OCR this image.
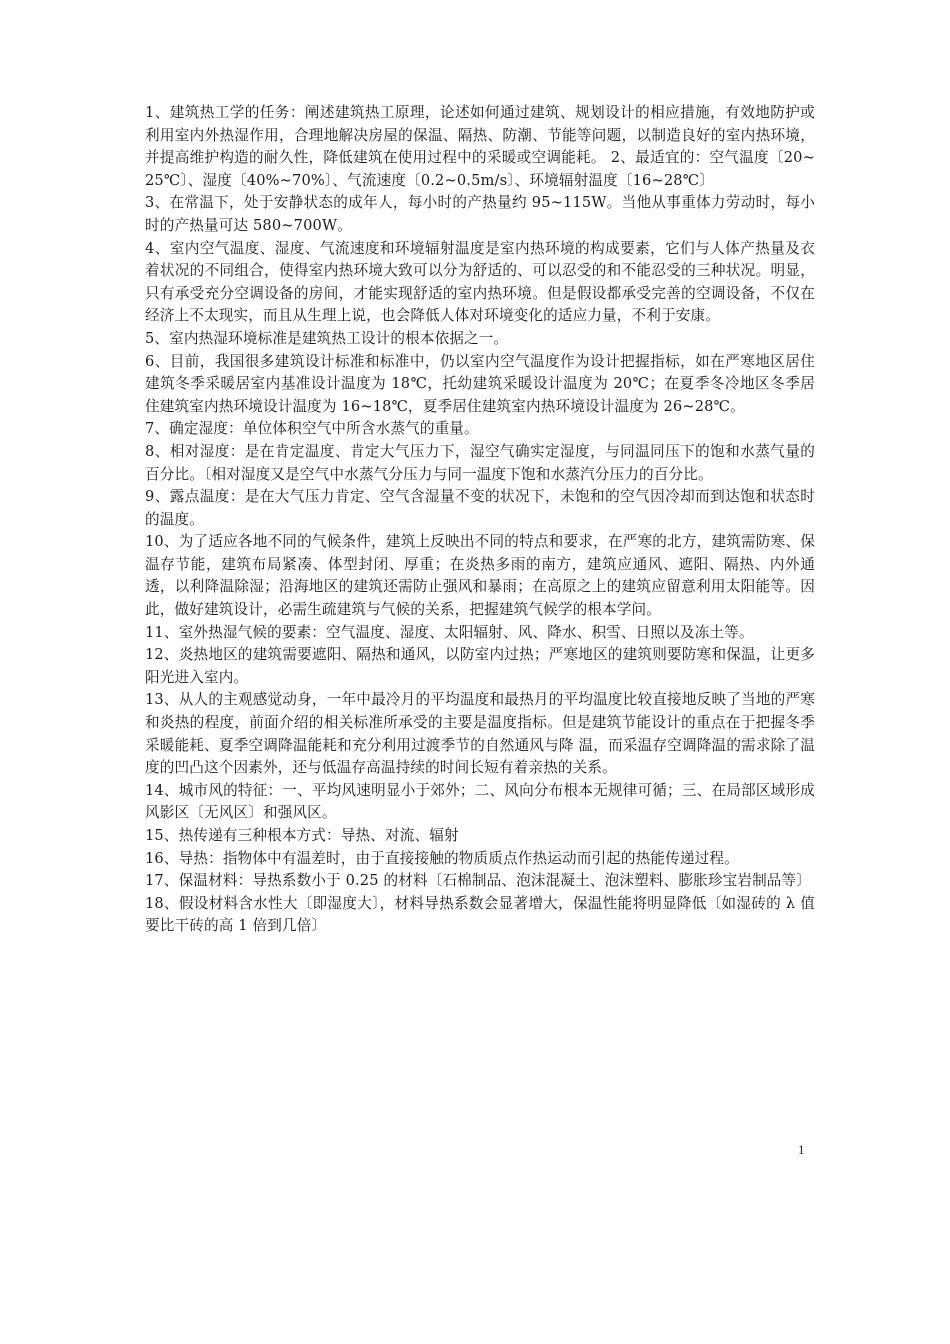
1、建筑热工学的任务：阐述建筑热工原理，论述如何通过建筑、规划设计的相应措施，有效地防护或利用室内外热湿作用，合理地解决房屋的保温、隔热、防潮、节能等问题，以制造良好的室内热环境，并提高维护构造的耐久性，降低建筑在使用过程中的采暖或空调能耗。 2、最适宜的：空气温度〔20~25℃〕、湿度〔40%~70%〕、气流速度〔0.2~0.5m/s〕、环境辐射温度〔16~28℃〕

3、在常温下，处于安静状态的成年人，每小时的产热量约 95~115W。当他从事重体力劳动时，每小时的产热量可达 580~700W。

4、室内空气温度、湿度、气流速度和环境辐射温度是室内热环境的构成要素，它们与人体产热量及衣着状况的不同组合，使得室内热环境大致可以分为舒适的、可以忍受的和不能忍受的三种状况。明显，只有承受充分空调设备的房间，才能实现舒适的室内热环境。但是假设都承受完善的空调设备，不仅在经济上不太现实，而且从生理上说，也会降低人体对环境变化的适应力量，不利于安康。

5、室内热湿环境标准是建筑热工设计的根本依据之一。

6、目前，我国很多建筑设计标准和标准中，仍以室内空气温度作为设计把握指标，如在严寒地区居住建筑冬季采暖居室内基准设计温度为 18℃，托幼建筑采暖设计温度为 20℃；在夏季冬冷地区冬季居住建筑室内热环境设计温度为 16~18℃，夏季居住建筑室内热环境设计温度为 26~28℃。

7、确定湿度：单位体积空气中所含水蒸气的重量。

8、相对湿度：是在肯定温度、肯定大气压力下，湿空气确实定湿度，与同温同压下的饱和水蒸气量的百分比。〔相对湿度又是空气中水蒸气分压力与同一温度下饱和水蒸汽分压力的百分比。

9、露点温度：是在大气压力肯定、空气含湿量不变的状况下，未饱和的空气因冷却而到达饱和状态时的温度。

10、为了适应各地不同的气候条件，建筑上反映出不同的特点和要求，在严寒的北方，建筑需防寒、保温存节能，建筑布局紧凑、体型封闭、厚重；在炎热多雨的南方，建筑应通风、遮阳、隔热、内外通透，以利降温除湿；沿海地区的建筑还需防止强风和暴雨；在高原之上的建筑应留意利用太阳能等。因此，做好建筑设计，必需生疏建筑与气候的关系，把握建筑气候学的根本学问。

11、室外热湿气候的要素：空气温度、湿度、太阳辐射、风、降水、积雪、日照以及冻土等。

12、炎热地区的建筑需要遮阳、隔热和通风，以防室内过热；严寒地区的建筑则要防寒和保温，让更多阳光进入室内。

13、从人的主观感觉动身，一年中最冷月的平均温度和最热月的平均温度比较直接地反映了当地的严寒和炎热的程度，前面介绍的相关标准所承受的主要是温度指标。但是建筑节能设计的重点在于把握冬季采暖能耗、夏季空调降温能耗和充分利用过渡季节的自然通风与降 温，而采温存空调降温的需求除了温度的凹凸这个因素外，还与低温存高温持续的时间长短有着亲热的关系。

14、城市风的特征：一、平均风速明显小于郊外；二、风向分布根本无规律可循；三、在局部区域形成风影区〔无风区〕和强风区。

15、热传递有三种根本方式：导热、对流、辐射

16、导热：指物体中有温差时，由于直接接触的物质质点作热运动而引起的热能传递过程。

17、保温材料：导热系数小于 0.25 的材料〔石棉制品、泡沫混凝土、泡沫塑料、膨胀珍宝岩制品等〕

18、假设材料含水性大〔即湿度大〕，材料导热系数会显著增大，保温性能将明显降低〔如湿砖的 λ 值要比干砖的高 1 倍到几倍〕

1
